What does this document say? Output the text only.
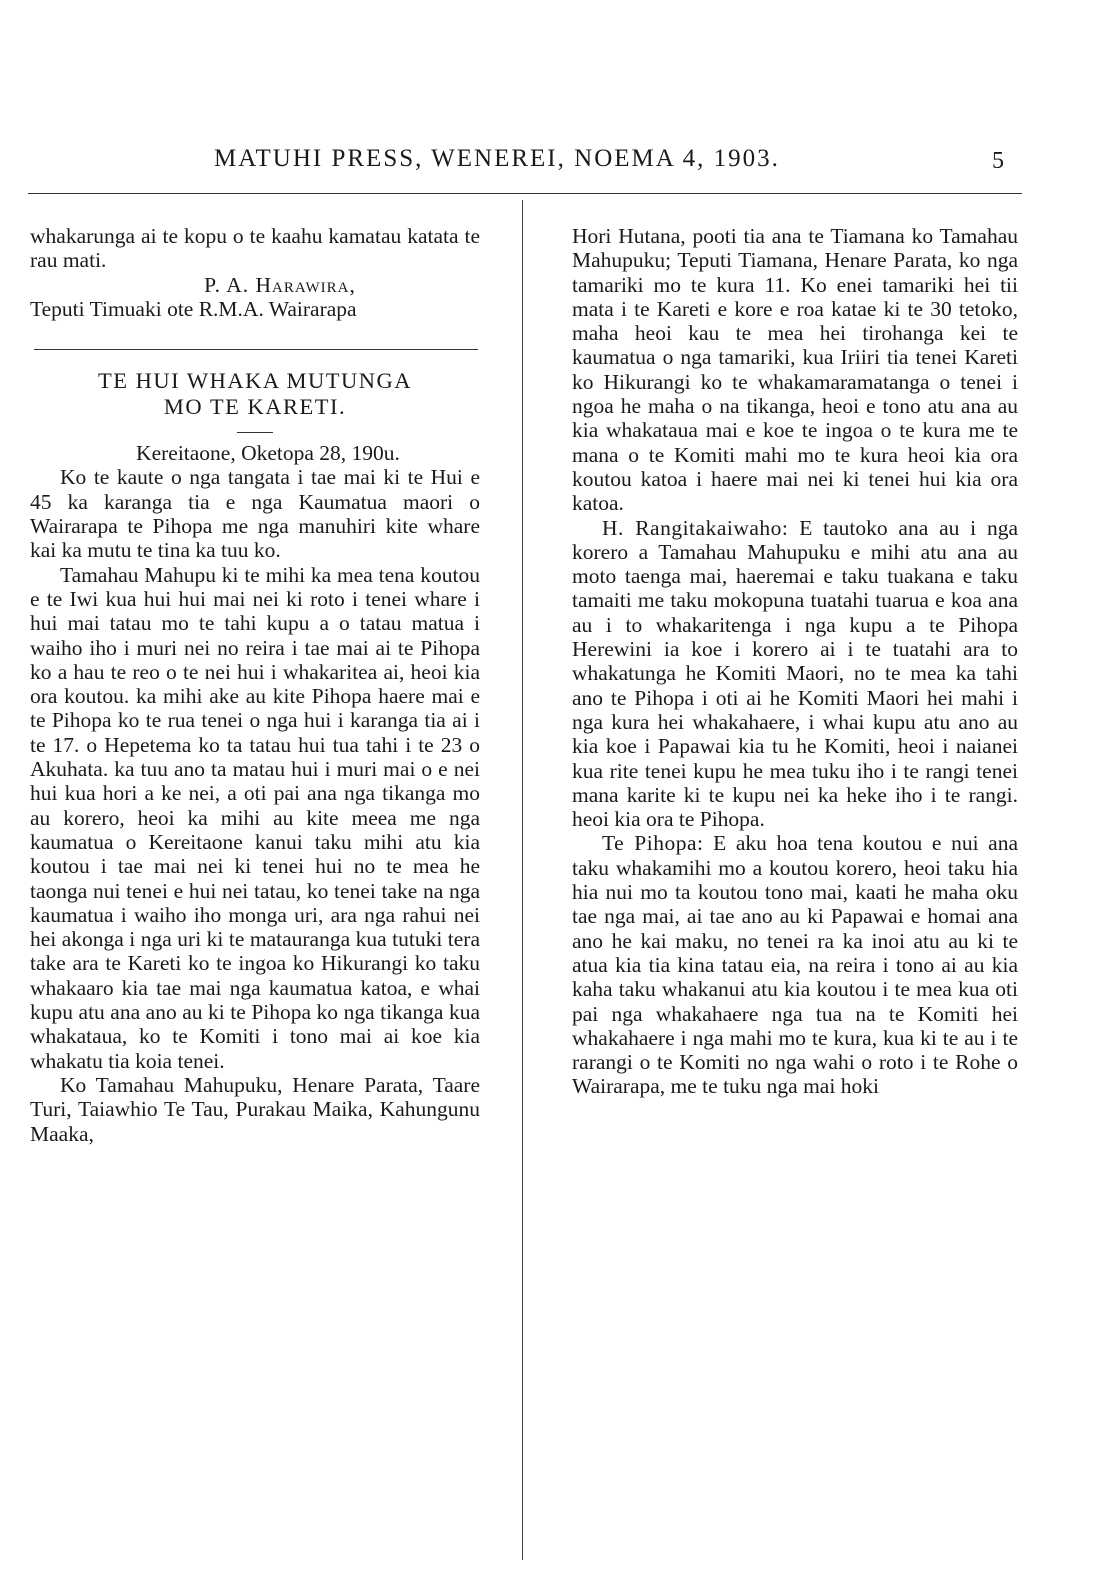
MATUHI PRESS, WENEREI, NOEMA 4, 1903.	5

whakarunga ai te kopu o te kaahu kamatau katata te rau mati.

P. A. Harawira,

Teputi Timuaki ote R.M.A. Wairarapa

TE HUI WHAKA MUTUNGA
MO TE KARETI.

Kereitaone, Oketopa 28, 190u.

Ko te kaute o nga tangata i tae mai ki te Hui e 45 ka karanga tia e nga Kaumatua maori o Wairarapa te Pihopa me nga manuhiri kite whare kai ka mutu te tina ka tuu ko.

Tamahau Mahupu ki te mihi ka mea tena koutou e te Iwi kua hui hui mai nei ki roto i tenei whare i hui mai tatau mo te tahi kupu a o tatau matua i waiho iho i muri nei no reira i tae mai ai te Pihopa ko a hau te reo o te nei hui i whakaritea ai, heoi kia ora koutou. ka mihi ake au kite Pihopa haere mai e te Pihopa ko te rua tenei o nga hui i karanga tia ai i te 17. o Hepetema ko ta tatau hui tua tahi i te 23 o Akuhata. ka tuu ano ta matau hui i muri mai o e nei hui kua hori a ke nei, a oti pai ana nga tikanga mo au korero, heoi ka mihi au kite meea me nga kaumatua o Kereitaone kanui taku mihi atu kia koutou i tae mai nei ki tenei hui no te mea he taonga nui tenei e hui nei tatau, ko tenei take na nga kaumatua i waiho iho monga uri, ara nga rahui nei hei akonga i nga uri ki te matauranga kua tutuki tera take ara te Kareti ko te ingoa ko Hikurangi ko taku whakaaro kia tae mai nga kaumatua katoa, e whai kupu atu ana ano au ki te Pihopa ko nga tikanga kua whakataua, ko te Komiti i tono mai ai koe kia whakatu tia koia tenei.

Ko Tamahau Mahupuku, Henare Parata, Taare Turi, Taiawhio Te Tau, Purakau Maika, Kahungunu Maaka,

Hori Hutana, pooti tia ana te Tiamana ko Tamahau Mahupuku; Teputi Tiamana, Henare Parata, ko nga tamariki mo te kura 11. Ko enei tamariki hei tii mata i te Kareti e kore e roa katae ki te 30 tetoko, maha heoi kau te mea hei tirohanga kei te kaumatua o nga tamariki, kua Iriiri tia tenei Kareti ko Hikurangi ko te whakamaramatanga o tenei i ngoa he maha o na tikanga, heoi e tono atu ana au kia whakataua mai e koe te ingoa o te kura me te mana o te Komiti mahi mo te kura heoi kia ora koutou katoa i haere mai nei ki tenei hui kia ora katoa.

H. Rangitakaiwaho: E tautoko ana au i nga korero a Tamahau Mahupuku e mihi atu ana au moto taenga mai, haeremai e taku tuakana e taku tamaiti me taku mokopuna tuatahi tuarua e koa ana au i to whakaritenga i nga kupu a te Pihopa Herewini ia koe i korero ai i te tuatahi ara to whakatunga he Komiti Maori, no te mea ka tahi ano te Pihopa i oti ai he Komiti Maori hei mahi i nga kura hei whakahaere, i whai kupu atu ano au kia koe i Papawai kia tu he Komiti, heoi i naianei kua rite tenei kupu he mea tuku iho i te rangi tenei mana karite ki te kupu nei ka heke iho i te rangi. heoi kia ora te Pihopa.

Te Pihopa: E aku hoa tena koutou e nui ana taku whakamihi mo a koutou korero, heoi taku hia hia nui mo ta koutou tono mai, kaati he maha oku tae nga mai, ai tae ano au ki Papawai e homai ana ano he kai maku, no tenei ra ka inoi atu au ki te atua kia tia kina tatau eia, na reira i tono ai au kia kaha taku whakanui atu kia koutou i te mea kua oti pai nga whakahaere nga tua na te Komiti hei whakahaere i nga mahi mo te kura, kua ki te au i te rarangi o te Komiti no nga wahi o roto i te Rohe o Wairarapa, me te tuku nga mai hoki
